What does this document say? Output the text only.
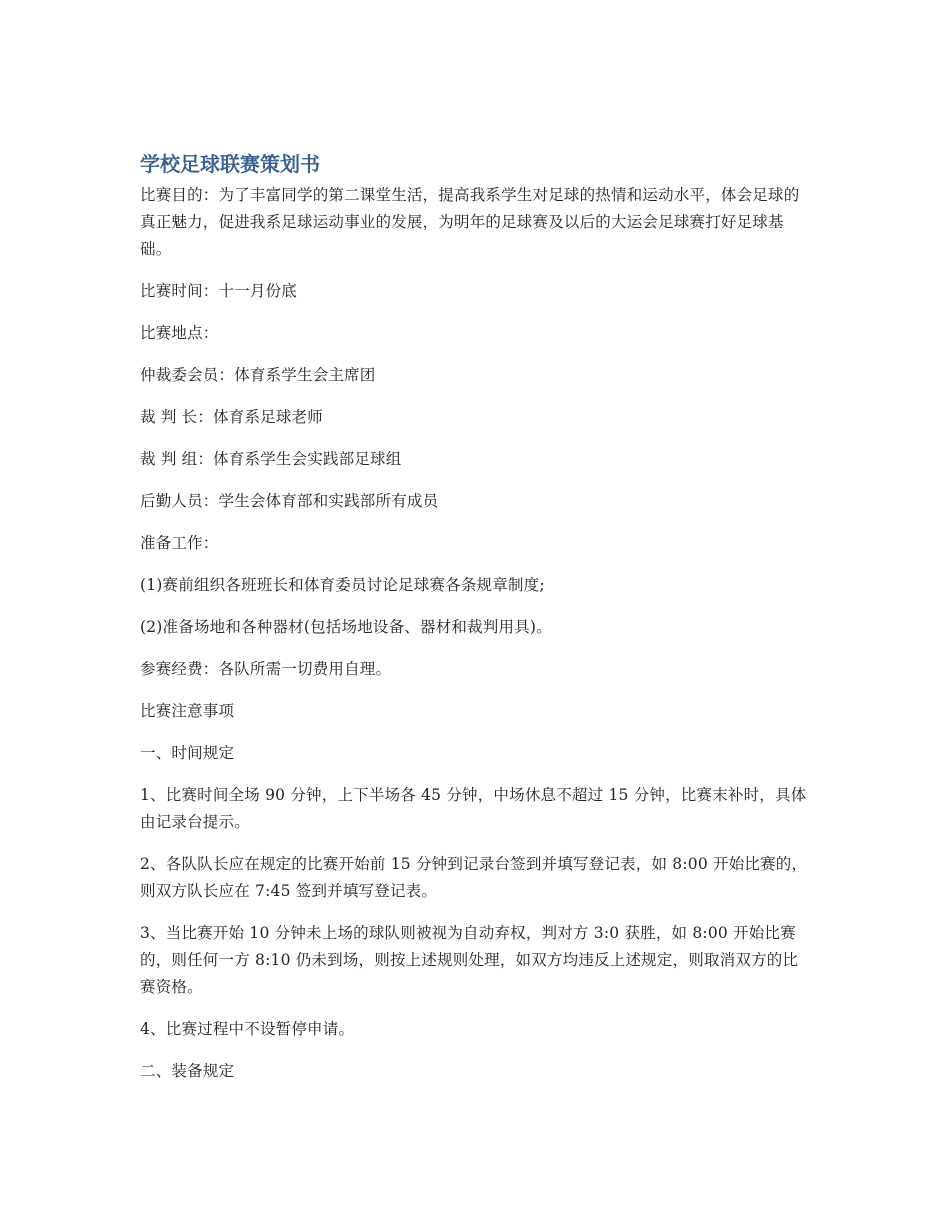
学校足球联赛策划书

比赛目的：为了丰富同学的第二课堂生活，提高我系学生对足球的热情和运动水平，体会足球的真正魅力，促进我系足球运动事业的发展，为明年的足球赛及以后的大运会足球赛打好足球基础。

比赛时间：十一月份底

比赛地点：

仲裁委会员：体育系学生会主席团

裁 判 长：体育系足球老师

裁 判 组：体育系学生会实践部足球组

后勤人员：学生会体育部和实践部所有成员

准备工作：

(1)赛前组织各班班长和体育委员讨论足球赛各条规章制度;

(2)准备场地和各种器材(包括场地设备、器材和裁判用具)。

参赛经费：各队所需一切费用自理。

比赛注意事项

一、时间规定

1、比赛时间全场 90 分钟，上下半场各 45 分钟，中场休息不超过 15 分钟，比赛末补时，具体由记录台提示。

2、各队队长应在规定的比赛开始前 15 分钟到记录台签到并填写登记表，如 8:00 开始比赛的，则双方队长应在 7:45 签到并填写登记表。

3、当比赛开始 10 分钟未上场的球队则被视为自动弃权，判对方 3:0 获胜，如 8:00 开始比赛的，则任何一方 8:10 仍未到场，则按上述规则处理，如双方均违反上述规定，则取消双方的比赛资格。

4、比赛过程中不设暂停申请。

二、装备规定
